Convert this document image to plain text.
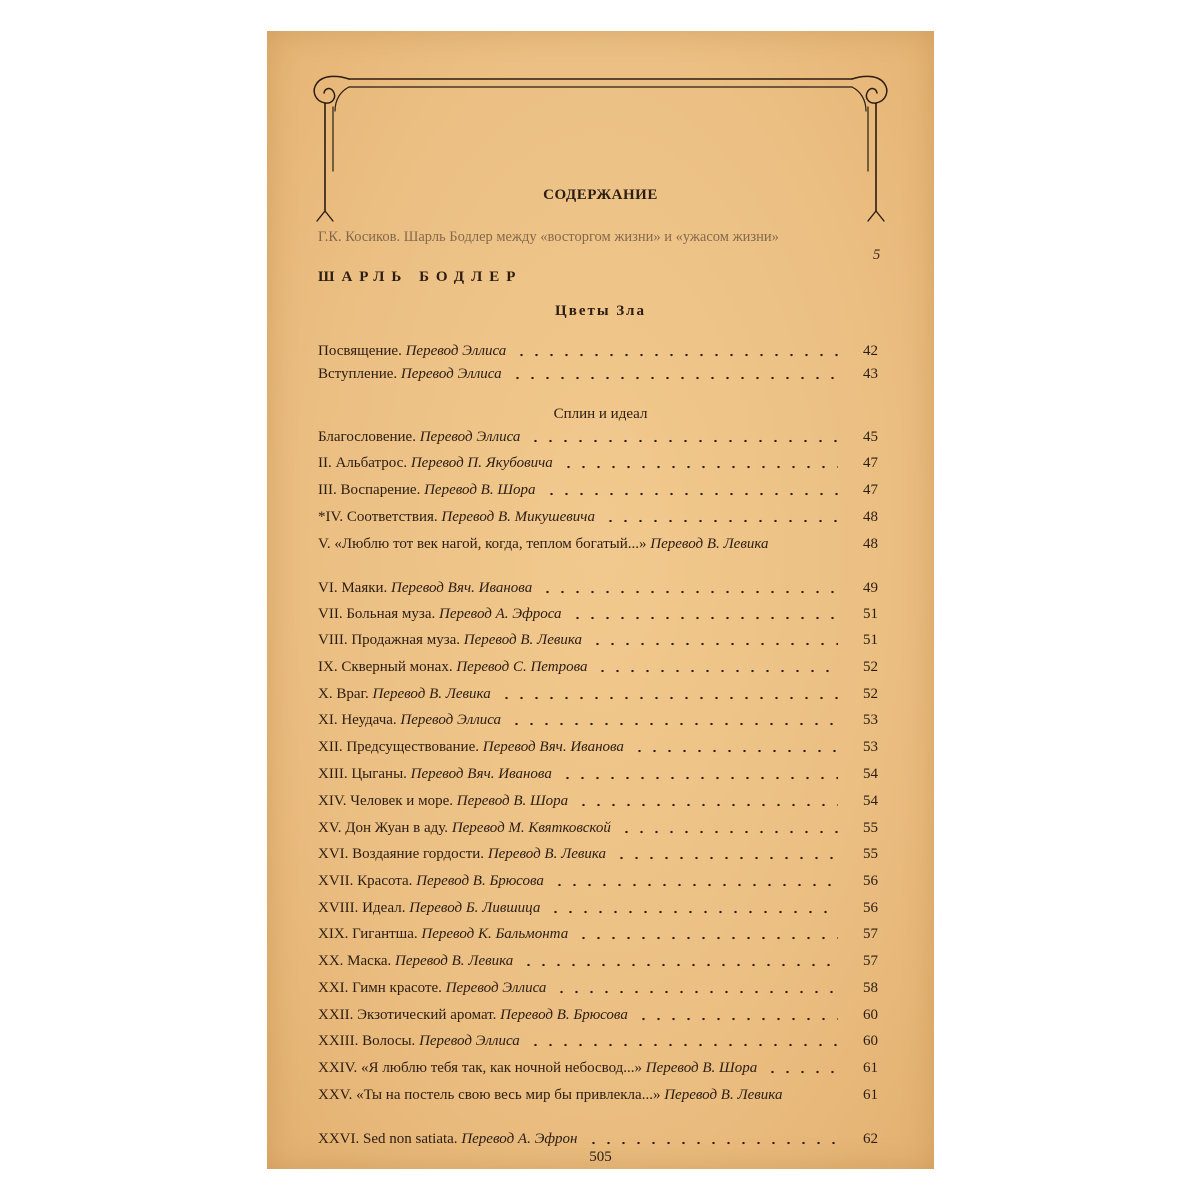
СОДЕРЖАНИЕ
Г.К. Косиков. Шарль Бодлер между «восторгом жизни» и «ужасом жизни»
5
ШАРЛЬ БОДЛЕР
Цветы Зла
Посвящение. Перевод Эллиса	42
Вступление. Перевод Эллиса	43
Сплин и идеал
Благословение. Перевод Эллиса	45
II. Альбатрос. Перевод П. Якубовича	47
III. Воспарение. Перевод В. Шора	47
*IV. Соответствия. Перевод В. Микушевича	48
V. «Люблю тот век нагой, когда, теплом богатый...» Перевод В. Левика	48
VI. Маяки. Перевод Вяч. Иванова	49
VII. Больная муза. Перевод А. Эфроса	51
VIII. Продажная муза. Перевод В. Левика	51
IX. Скверный монах. Перевод С. Петрова	52
X. Враг. Перевод В. Левика	52
XI. Неудача. Перевод Эллиса	53
XII. Предсуществование. Перевод Вяч. Иванова	53
XIII. Цыганы. Перевод Вяч. Иванова	54
XIV. Человек и море. Перевод В. Шора	54
XV. Дон Жуан в аду. Перевод М. Квятковской	55
XVI. Воздаяние гордости. Перевод В. Левика	55
XVII. Красота. Перевод В. Брюсова	56
XVIII. Идеал. Перевод Б. Лившица	56
XIX. Гигантша. Перевод К. Бальмонта	57
XX. Маска. Перевод В. Левика	57
XXI. Гимн красоте. Перевод Эллиса	58
XXII. Экзотический аромат. Перевод В. Брюсова	60
XXIII. Волосы. Перевод Эллиса	60
XXIV. «Я люблю тебя так, как ночной небосвод...» Перевод В. Шора	61
XXV. «Ты на постель свою весь мир бы привлекла...» Перевод В. Левика	61
XXVI. Sed non satiata. Перевод А. Эфрон	62
505
